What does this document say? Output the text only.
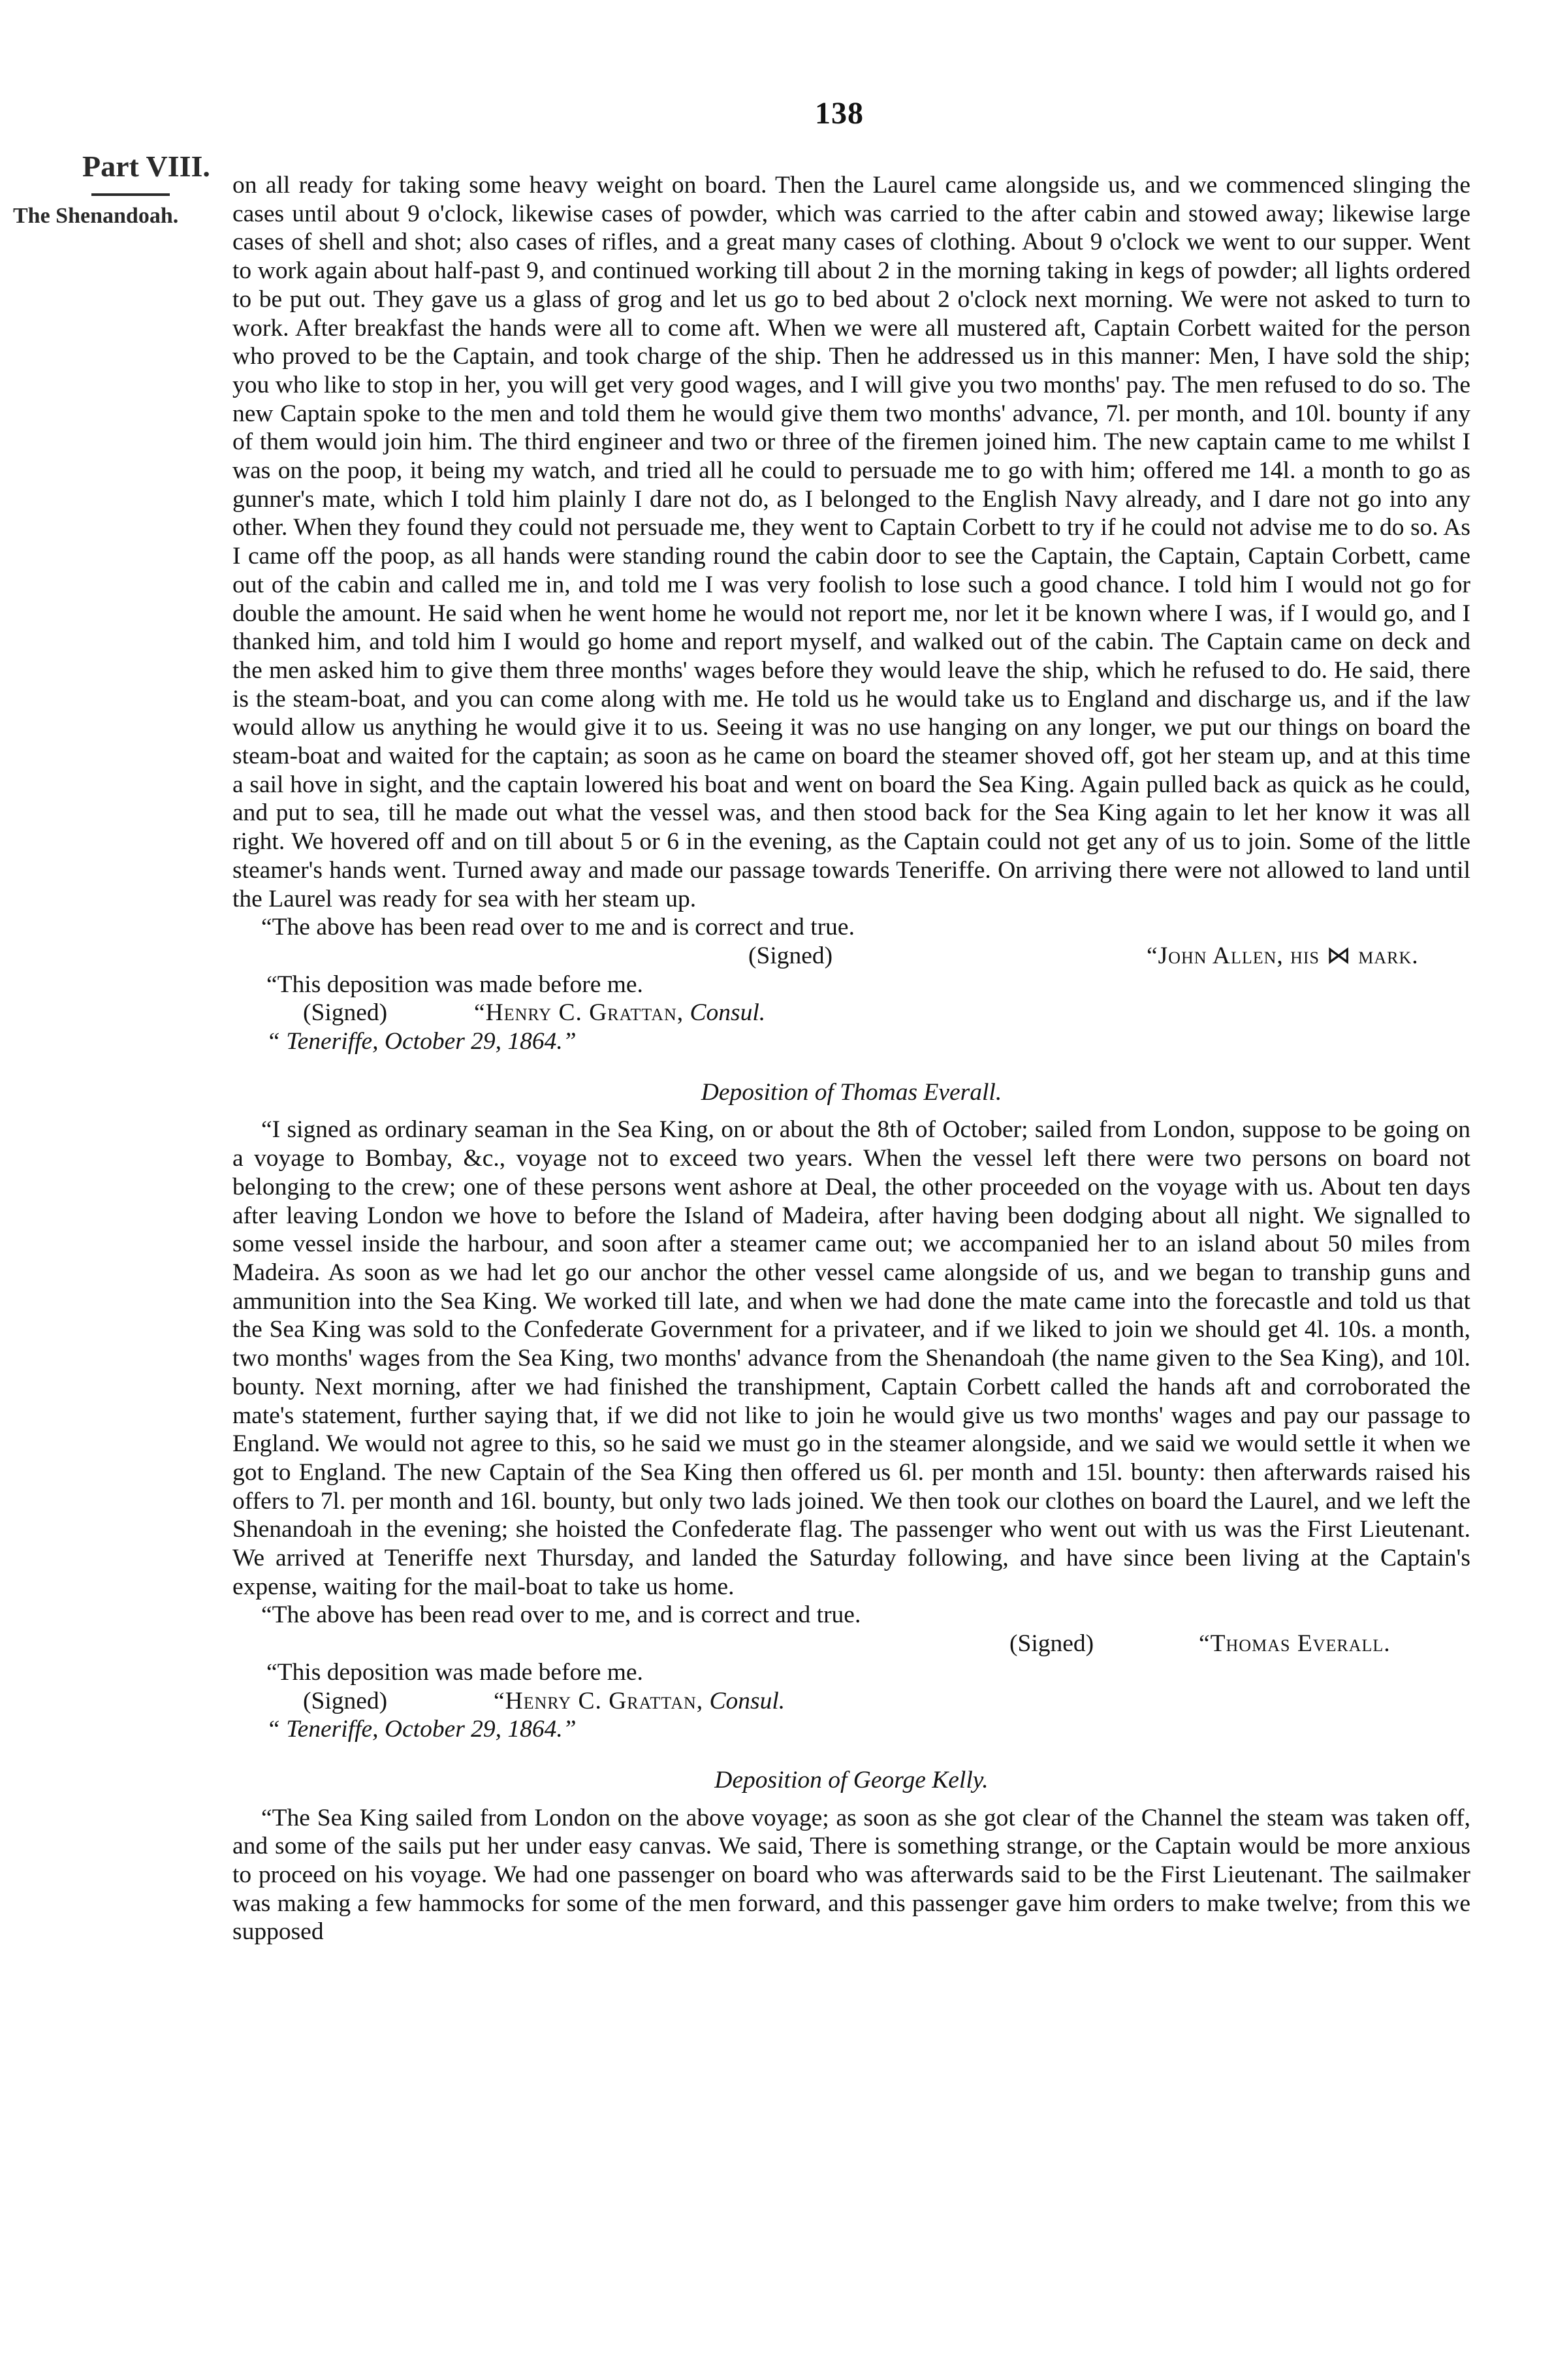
138
Part VIII.
The Shenandoah.

on all ready for taking some heavy weight on board. Then the Laurel came alongside us, and we commenced slinging the cases until about 9 o'clock, likewise cases of powder, which was carried to the after cabin and stowed away; likewise large cases of shell and shot; also cases of rifles, and a great many cases of clothing. About 9 o'clock we went to our supper. Went to work again about half-past 9, and continued working till about 2 in the morning taking in kegs of powder; all lights ordered to be put out. They gave us a glass of grog and let us go to bed about 2 o'clock next morning. We were not asked to turn to work. After breakfast the hands were all to come aft. When we were all mustered aft, Captain Corbett waited for the person who proved to be the Captain, and took charge of the ship. Then he addressed us in this manner: Men, I have sold the ship; you who like to stop in her, you will get very good wages, and I will give you two months' pay. The men refused to do so. The new Captain spoke to the men and told them he would give them two months' advance, 7l. per month, and 10l. bounty if any of them would join him. The third engineer and two or three of the firemen joined him. The new captain came to me whilst I was on the poop, it being my watch, and tried all he could to persuade me to go with him; offered me 14l. a month to go as gunner's mate, which I told him plainly I dare not do, as I belonged to the English Navy already, and I dare not go into any other. When they found they could not persuade me, they went to Captain Corbett to try if he could not advise me to do so. As I came off the poop, as all hands were standing round the cabin door to see the Captain, the Captain, Captain Corbett, came out of the cabin and called me in, and told me I was very foolish to lose such a good chance. I told him I would not go for double the amount. He said when he went home he would not report me, nor let it be known where I was, if I would go, and I thanked him, and told him I would go home and report myself, and walked out of the cabin. The Captain came on deck and the men asked him to give them three months' wages before they would leave the ship, which he refused to do. He said, there is the steam-boat, and you can come along with me. He told us he would take us to England and discharge us, and if the law would allow us anything he would give it to us. Seeing it was no use hanging on any longer, we put our things on board the steam-boat and waited for the captain; as soon as he came on board the steamer shoved off, got her steam up, and at this time a sail hove in sight, and the captain lowered his boat and went on board the Sea King. Again pulled back as quick as he could, and put to sea, till he made out what the vessel was, and then stood back for the Sea King again to let her know it was all right. We hovered off and on till about 5 or 6 in the evening, as the Captain could not get any of us to join. Some of the little steamer's hands went. Turned away and made our passage towards Teneriffe. On arriving there were not allowed to land until the Laurel was ready for sea with her steam up.

“The above has been read over to me and is correct and true.

(Signed)	“John Allen, his ⋈ mark.

“This deposition was made before me.

(Signed)	“Henry C. Grattan, Consul.

“ Teneriffe, October 29, 1864.”

Deposition of Thomas Everall.

“I signed as ordinary seaman in the Sea King, on or about the 8th of October; sailed from London, suppose to be going on a voyage to Bombay, &c., voyage not to exceed two years. When the vessel left there were two persons on board not belonging to the crew; one of these persons went ashore at Deal, the other proceeded on the voyage with us. About ten days after leaving London we hove to before the Island of Madeira, after having been dodging about all night. We signalled to some vessel inside the harbour, and soon after a steamer came out; we accompanied her to an island about 50 miles from Madeira. As soon as we had let go our anchor the other vessel came alongside of us, and we began to tranship guns and ammunition into the Sea King. We worked till late, and when we had done the mate came into the forecastle and told us that the Sea King was sold to the Confederate Government for a privateer, and if we liked to join we should get 4l. 10s. a month, two months' wages from the Sea King, two months' advance from the Shenandoah (the name given to the Sea King), and 10l. bounty. Next morning, after we had finished the transhipment, Captain Corbett called the hands aft and corroborated the mate's statement, further saying that, if we did not like to join he would give us two months' wages and pay our passage to England. We would not agree to this, so he said we must go in the steamer alongside, and we said we would settle it when we got to England. The new Captain of the Sea King then offered us 6l. per month and 15l. bounty: then afterwards raised his offers to 7l. per month and 16l. bounty, but only two lads joined. We then took our clothes on board the Laurel, and we left the Shenandoah in the evening; she hoisted the Confederate flag. The passenger who went out with us was the First Lieutenant. We arrived at Teneriffe next Thursday, and landed the Saturday following, and have since been living at the Captain's expense, waiting for the mail-boat to take us home.

“The above has been read over to me, and is correct and true.

(Signed)	“Thomas Everall.

“This deposition was made before me.

(Signed)	“Henry C. Grattan, Consul.

“ Teneriffe, October 29, 1864.”

Deposition of George Kelly.

“The Sea King sailed from London on the above voyage; as soon as she got clear of the Channel the steam was taken off, and some of the sails put her under easy canvas. We said, There is something strange, or the Captain would be more anxious to proceed on his voyage. We had one passenger on board who was afterwards said to be the First Lieutenant. The sailmaker was making a few hammocks for some of the men forward, and this passenger gave him orders to make twelve; from this we supposed
